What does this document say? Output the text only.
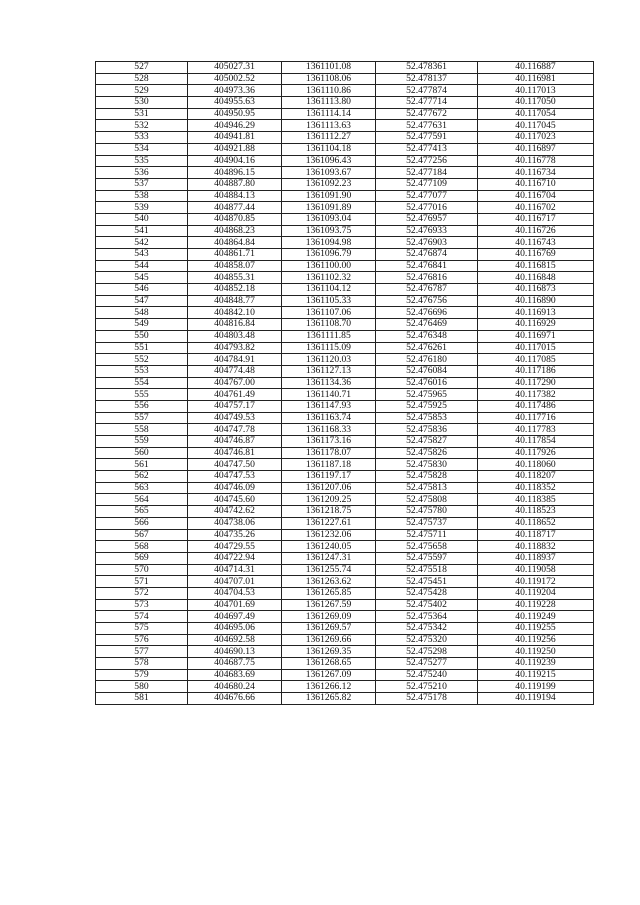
527	405027.31	1361101.08	52.478361	40.116887
528	405002.52	1361108.06	52.478137	40.116981
529	404973.36	1361110.86	52.477874	40.117013
530	404955.63	1361113.80	52.477714	40.117050
531	404950.95	1361114.14	52.477672	40.117054
532	404946.29	1361113.63	52.477631	40.117045
533	404941.81	1361112.27	52.477591	40.117023
534	404921.88	1361104.18	52.477413	40.116897
535	404904.16	1361096.43	52.477256	40.116778
536	404896.15	1361093.67	52.477184	40.116734
537	404887.80	1361092.23	52.477109	40.116710
538	404884.13	1361091.90	52.477077	40.116704
539	404877.44	1361091.89	52.477016	40.116702
540	404870.85	1361093.04	52.476957	40.116717
541	404868.23	1361093.75	52.476933	40.116726
542	404864.84	1361094.98	52.476903	40.116743
543	404861.71	1361096.79	52.476874	40.116769
544	404858.07	1361100.00	52.476841	40.116815
545	404855.31	1361102.32	52.476816	40.116848
546	404852.18	1361104.12	52.476787	40.116873
547	404848.77	1361105.33	52.476756	40.116890
548	404842.10	1361107.06	52.476696	40.116913
549	404816.84	1361108.70	52.476469	40.116929
550	404803.48	1361111.85	52.476348	40.116971
551	404793.82	1361115.09	52.476261	40.117015
552	404784.91	1361120.03	52.476180	40.117085
553	404774.48	1361127.13	52.476084	40.117186
554	404767.00	1361134.36	52.476016	40.117290
555	404761.49	1361140.71	52.475965	40.117382
556	404757.17	1361147.93	52.475925	40.117486
557	404749.53	1361163.74	52.475853	40.117716
558	404747.78	1361168.33	52.475836	40.117783
559	404746.87	1361173.16	52.475827	40.117854
560	404746.81	1361178.07	52.475826	40.117926
561	404747.50	1361187.18	52.475830	40.118060
562	404747.53	1361197.17	52.475828	40.118207
563	404746.09	1361207.06	52.475813	40.118352
564	404745.60	1361209.25	52.475808	40.118385
565	404742.62	1361218.75	52.475780	40.118523
566	404738.06	1361227.61	52.475737	40.118652
567	404735.26	1361232.06	52.475711	40.118717
568	404729.55	1361240.05	52.475658	40.118832
569	404722.94	1361247.31	52.475597	40.118937
570	404714.31	1361255.74	52.475518	40.119058
571	404707.01	1361263.62	52.475451	40.119172
572	404704.53	1361265.85	52.475428	40.119204
573	404701.69	1361267.59	52.475402	40.119228
574	404697.49	1361269.09	52.475364	40.119249
575	404695.06	1361269.57	52.475342	40.119255
576	404692.58	1361269.66	52.475320	40.119256
577	404690.13	1361269.35	52.475298	40.119250
578	404687.75	1361268.65	52.475277	40.119239
579	404683.69	1361267.09	52.475240	40.119215
580	404680.24	1361266.12	52.475210	40.119199
581	404676.66	1361265.82	52.475178	40.119194
